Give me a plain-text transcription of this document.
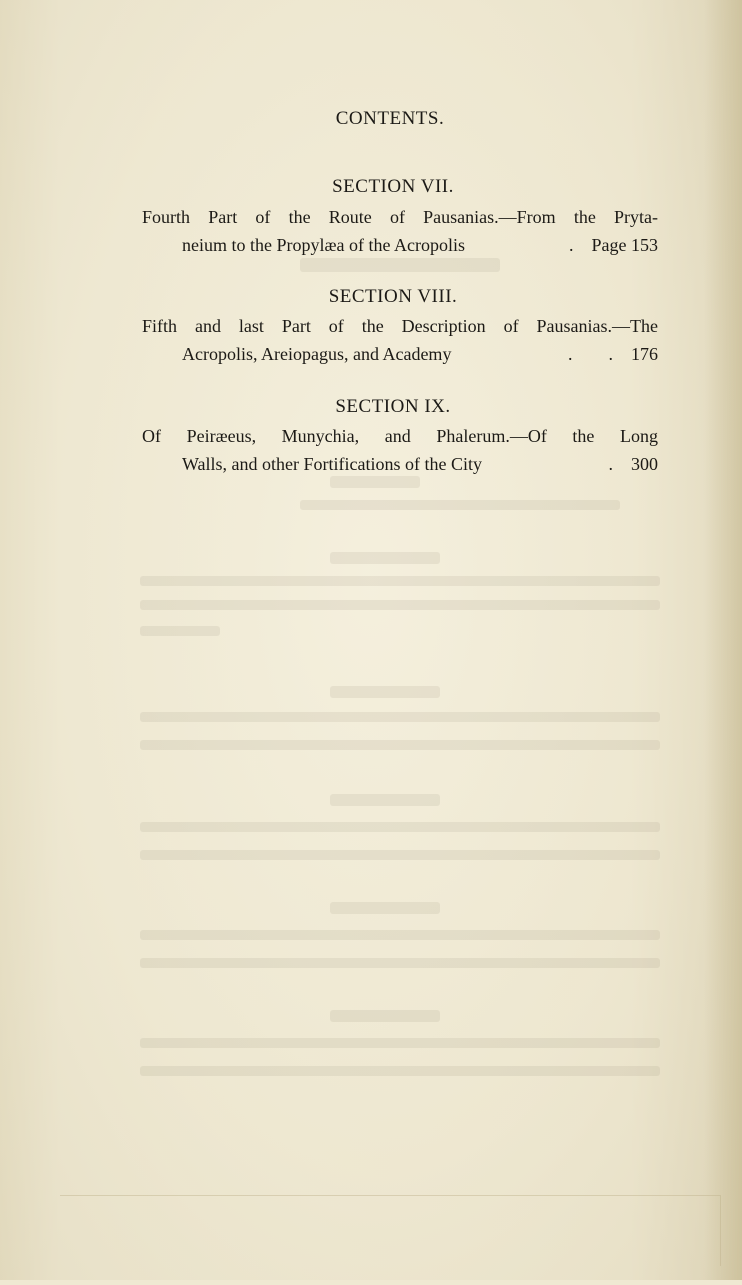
CONTENTS.
SECTION VII.
Fourth Part of the Route of Pausanias.—From the Pryta-
neium to the Propylæa of the Acropolis	.	Page 153
SECTION VIII.
Fifth and last Part of the Description of Pausanias.—The
Acropolis, Areiopagus, and Academy	.        .	176
SECTION IX.
Of Peiræeus, Munychia, and Phalerum.—Of the Long
Walls, and other Fortifications of the City	.	300
